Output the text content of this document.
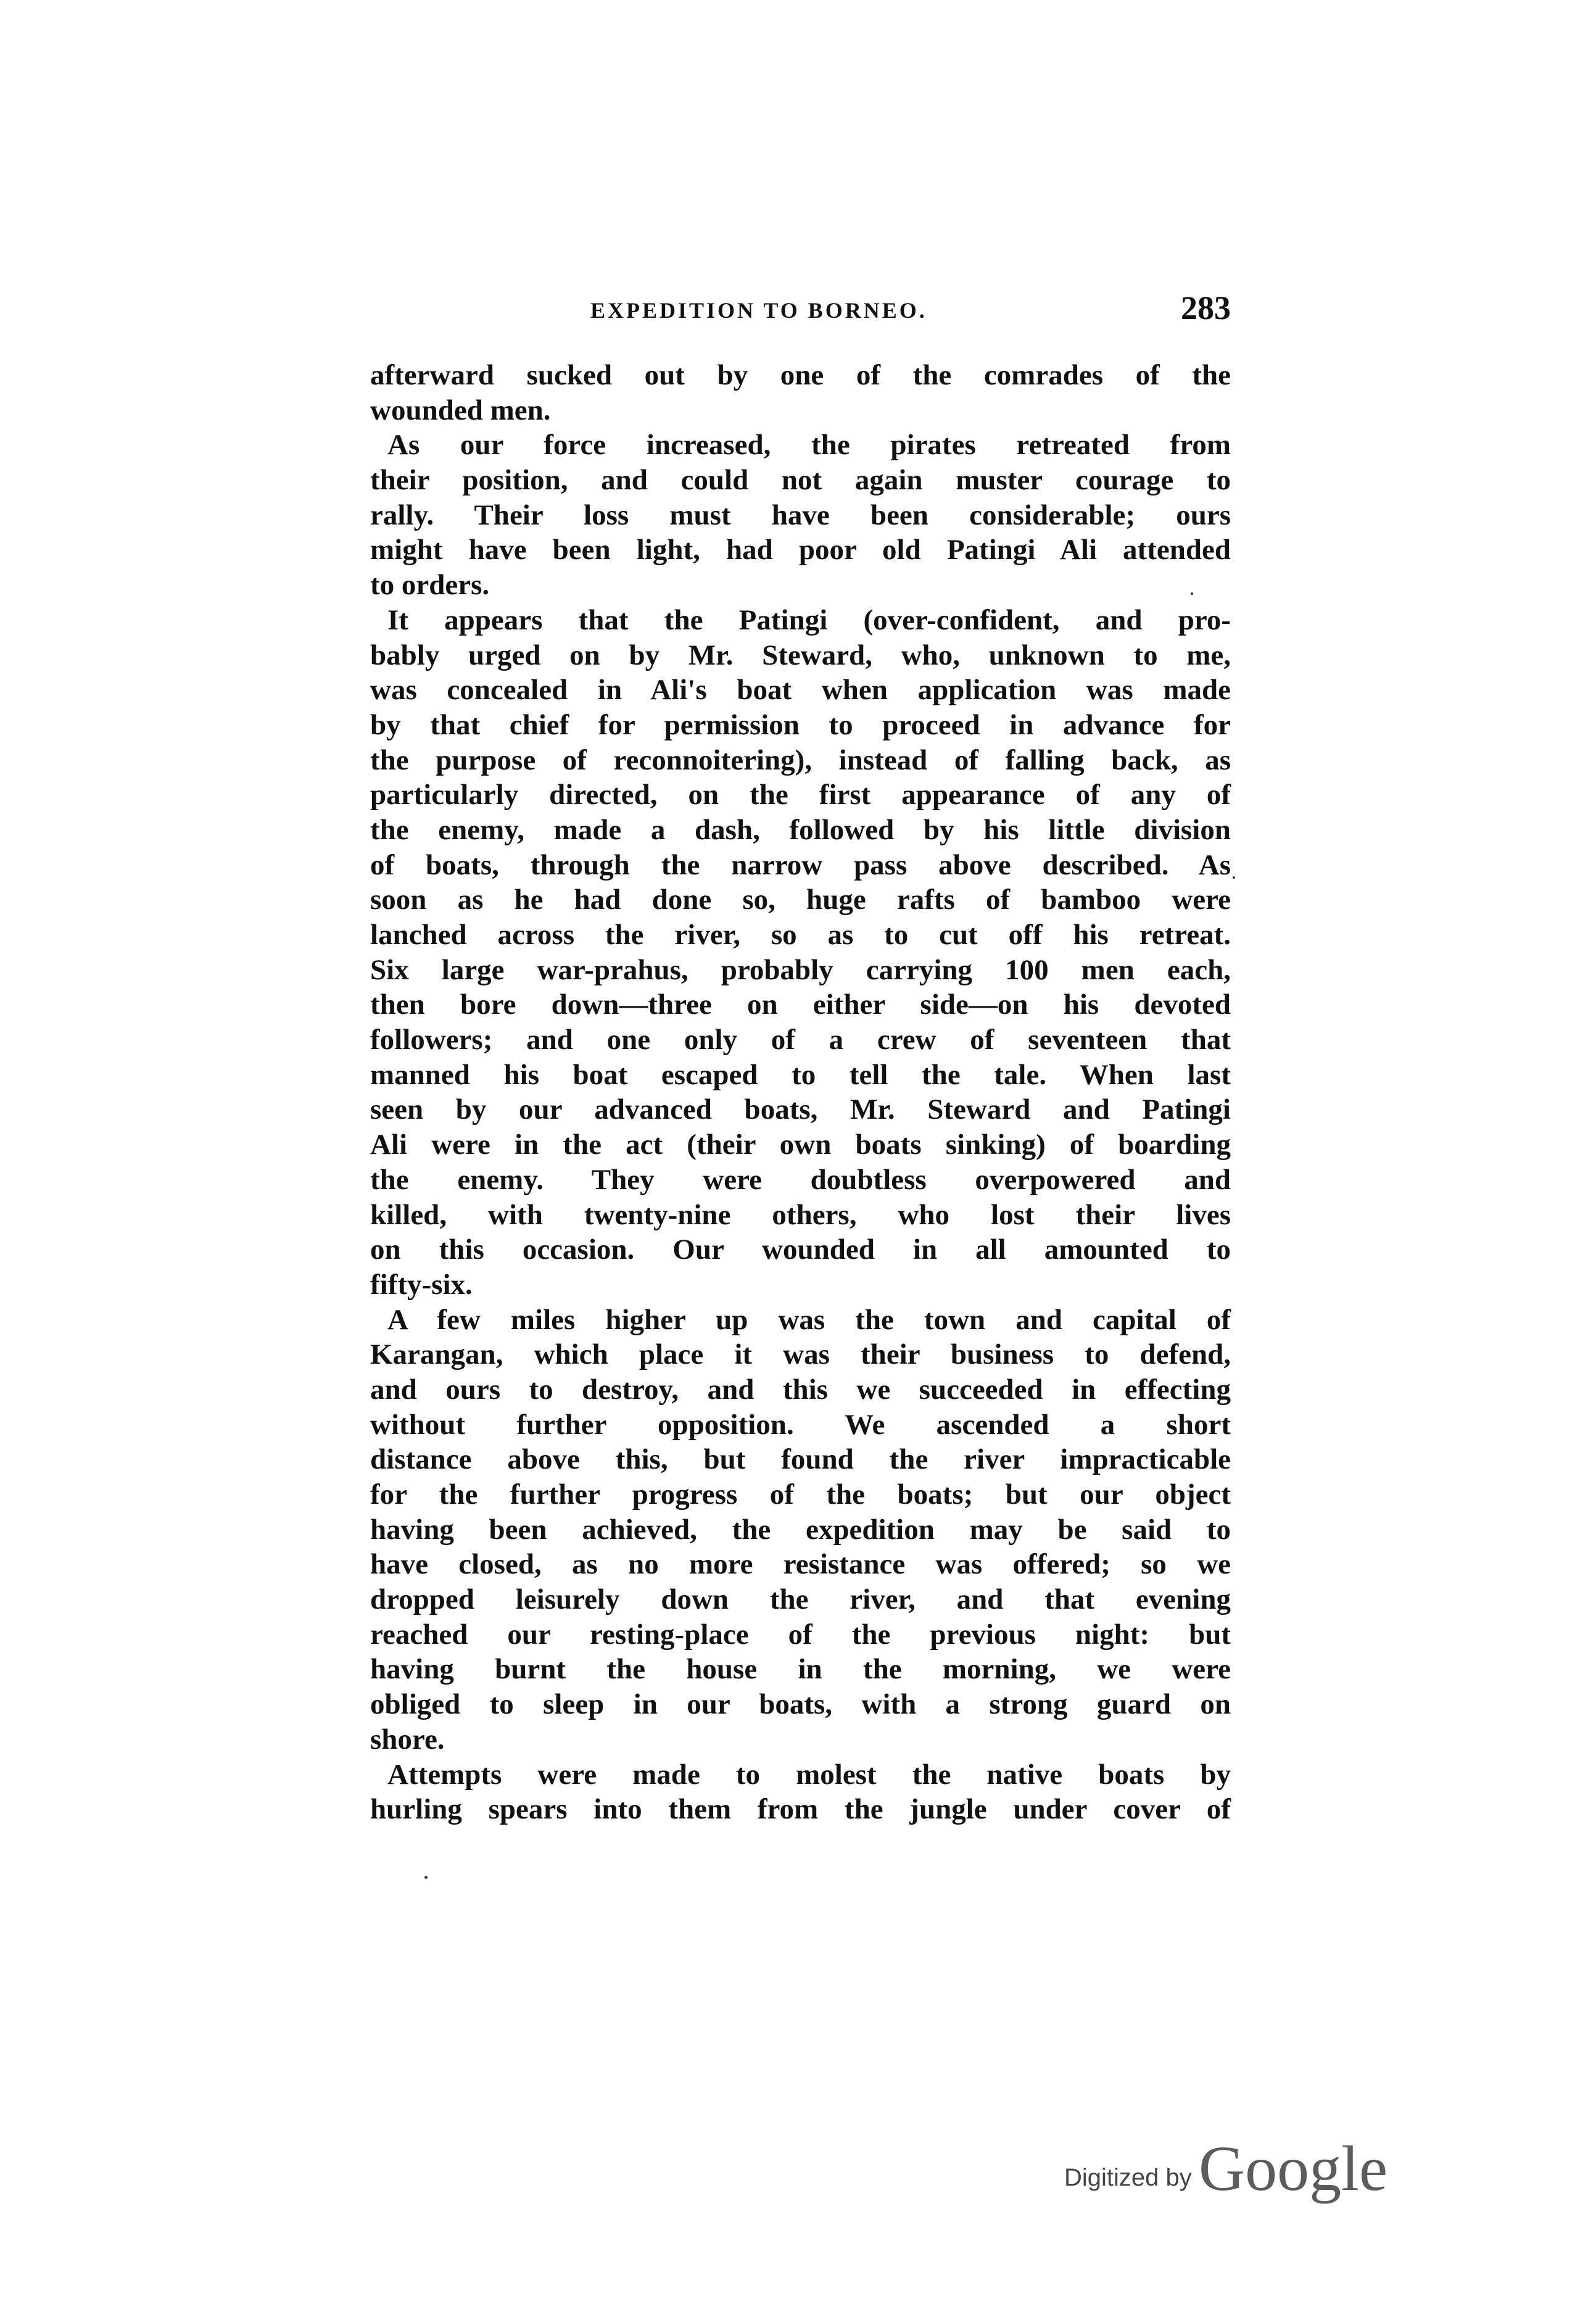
EXPEDITION TO BORNEO.	283
afterward sucked out by one of the comrades of the
wounded men.
As our force increased, the pirates retreated from
their position, and could not again muster courage to
rally. Their loss must have been considerable; ours
might have been light, had poor old Patingi Ali attended
to orders.
It appears that the Patingi (over-confident, and pro-
bably urged on by Mr. Steward, who, unknown to me,
was concealed in Ali's boat when application was made
by that chief for permission to proceed in advance for
the purpose of reconnoitering), instead of falling back, as
particularly directed, on the first appearance of any of
the enemy, made a dash, followed by his little division
of boats, through the narrow pass above described. As
soon as he had done so, huge rafts of bamboo were
lanched across the river, so as to cut off his retreat.
Six large war-prahus, probably carrying 100 men each,
then bore down—three on either side—on his devoted
followers; and one only of a crew of seventeen that
manned his boat escaped to tell the tale. When last
seen by our advanced boats, Mr. Steward and Patingi
Ali were in the act (their own boats sinking) of boarding
the enemy. They were doubtless overpowered and
killed, with twenty-nine others, who lost their lives
on this occasion. Our wounded in all amounted to
fifty-six.
A few miles higher up was the town and capital of
Karangan, which place it was their business to defend,
and ours to destroy, and this we succeeded in effecting
without further opposition. We ascended a short
distance above this, but found the river impracticable
for the further progress of the boats; but our object
having been achieved, the expedition may be said to
have closed, as no more resistance was offered; so we
dropped leisurely down the river, and that evening
reached our resting-place of the previous night: but
having burnt the house in the morning, we were
obliged to sleep in our boats, with a strong guard on
shore.
Attempts were made to molest the native boats by
hurling spears into them from the jungle under cover of
Digitized by Google
